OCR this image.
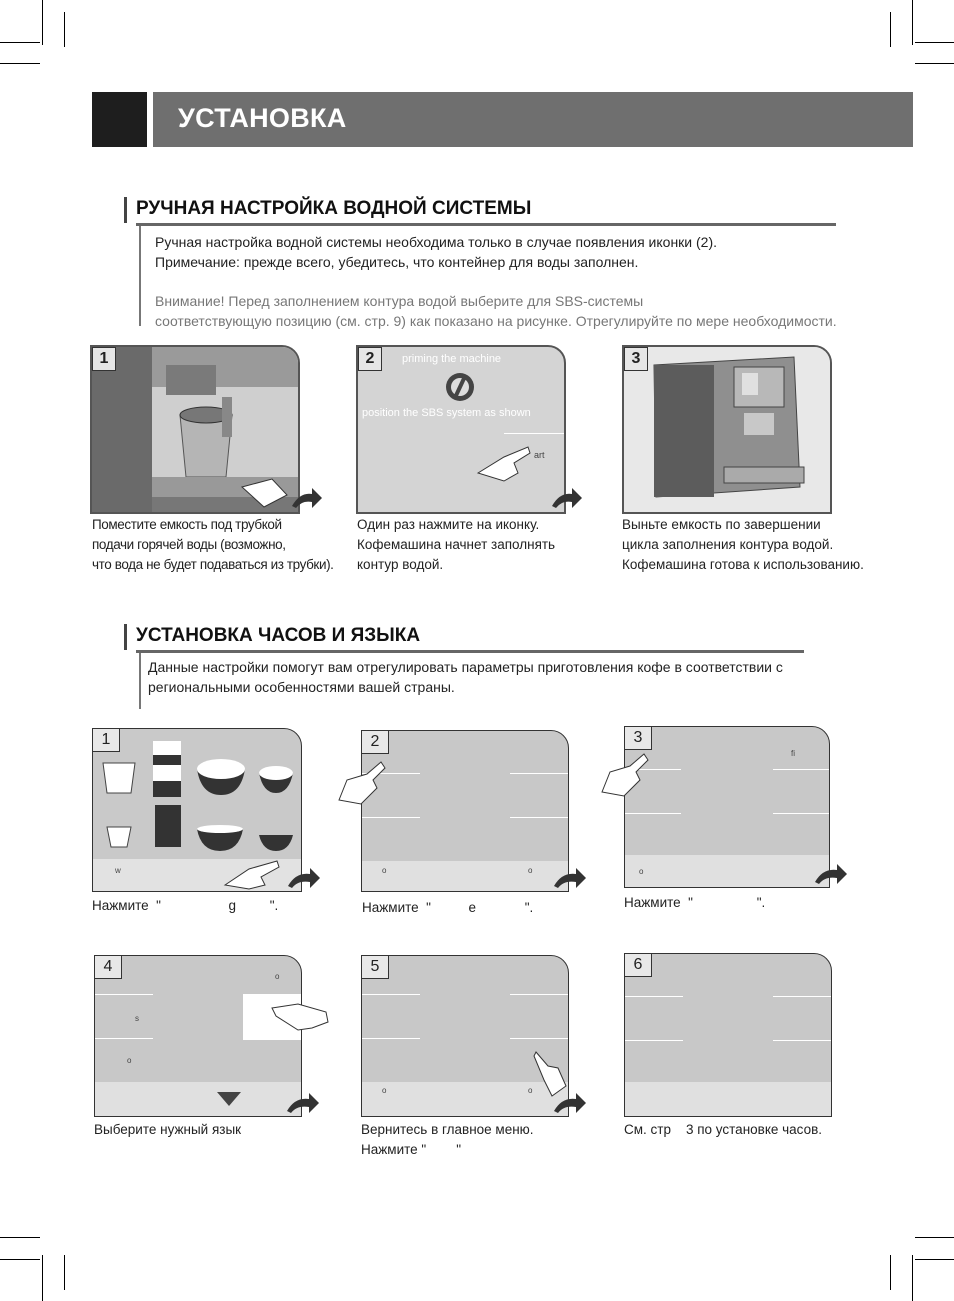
УСТАНОВКА
РУЧНАЯ НАСТРОЙКА ВОДНОЙ СИСТЕМЫ
Ручная настройка водной системы необходима только в случае появления иконки (2).
Примечание: прежде всего, убедитесь, что контейнер для воды заполнен.
Внимание! Перед заполнением контура водой выберите для SBS-системы
соответствующую позицию (см. стр. 9) как показано на рисунке. Отрегулируйте по мере необходимости.
1
Поместите емкость под трубкой
подачи горячей воды (возможно,
что вода не будет подаваться из трубки).
priming the machine
position the SBS system as shown
art
2
Один раз нажмите на иконку.
Кофемашина начнет заполнять
контур водой.
3
Выньте емкость по завершении
цикла заполнения контура водой.
Кофемашина готова к использованию.
УСТАНОВКА ЧАСОВ И ЯЗЫКА
Данные настройки помогут вам отрегулировать параметры приготовления кофе в соответствии с
региональными особенностями вашей страны.
1
w
Нажмите  "                  g         ".
2
o	o
Нажмите  "          e             ".
3
fi
o
Нажмите  "                 ".
4
o
s
o
Выберите нужный язык
5
o	o
Вернитесь в главное меню.
Нажмите "        "
6
См. стр    3 по установке часов.
